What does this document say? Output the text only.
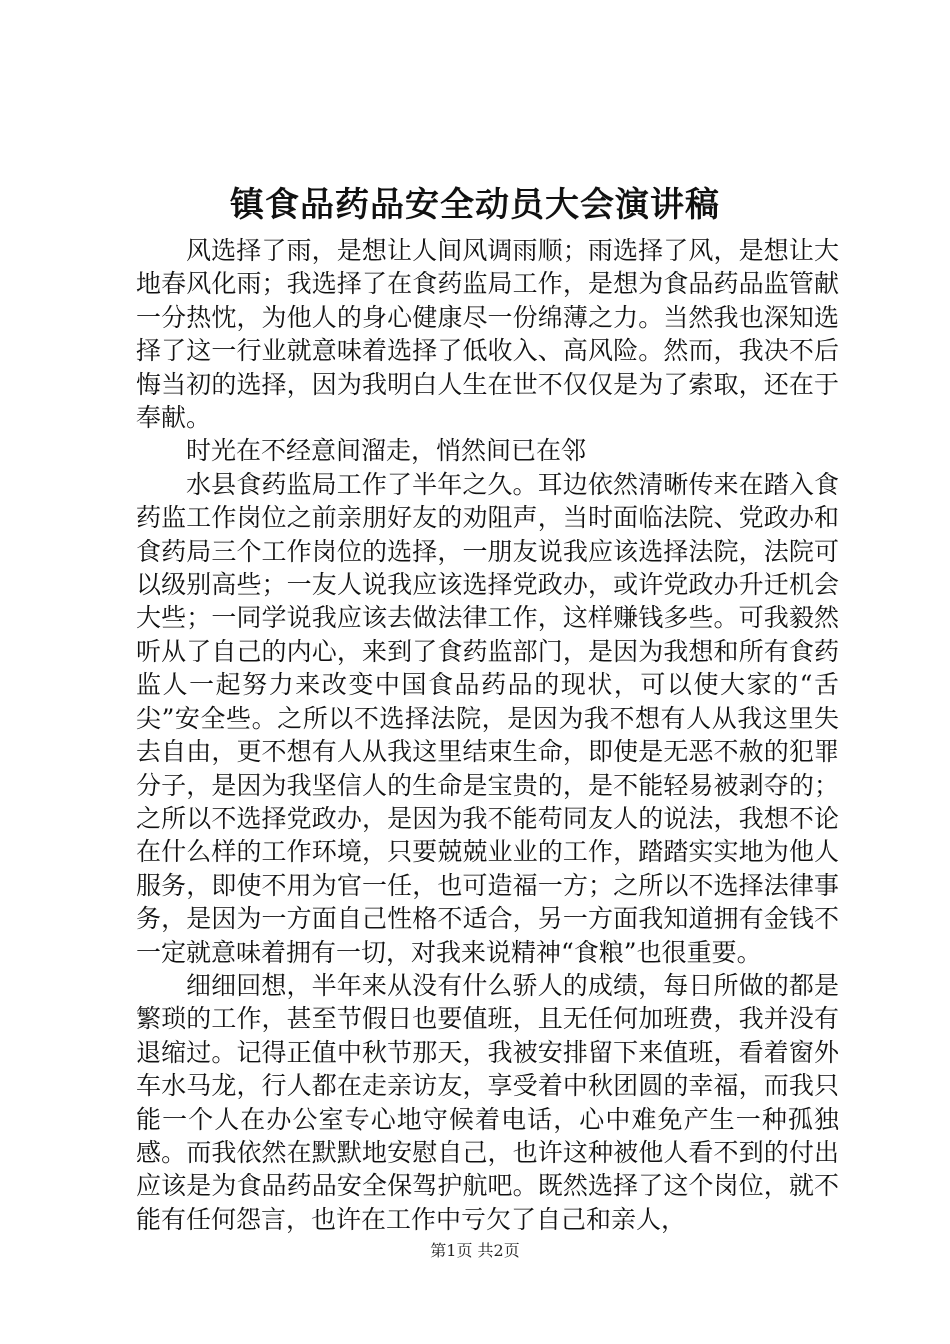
镇食品药品安全动员大会演讲稿

风选择了雨，是想让人间风调雨顺；雨选择了风，是想让大地春风化雨；我选择了在食药监局工作，是想为食品药品监管献一分热忱，为他人的身心健康尽一份绵薄之力。当然我也深知选择了这一行业就意味着选择了低收入、高风险。然而，我决不后悔当初的选择，因为我明白人生在世不仅仅是为了索取，还在于奉献。

时光在不经意间溜走，悄然间已在邻

水县食药监局工作了半年之久。耳边依然清晰传来在踏入食药监工作岗位之前亲朋好友的劝阻声，当时面临法院、党政办和食药局三个工作岗位的选择，一朋友说我应该选择法院，法院可以级别高些；一友人说我应该选择党政办，或许党政办升迁机会大些；一同学说我应该去做法律工作，这样赚钱多些。可我毅然听从了自己的内心，来到了食药监部门，是因为我想和所有食药监人一起努力来改变中国食品药品的现状，可以使大家的“舌尖”安全些。之所以不选择法院，是因为我不想有人从我这里失去自由，更不想有人从我这里结束生命，即使是无恶不赦的犯罪分子，是因为我坚信人的生命是宝贵的，是不能轻易被剥夺的；之所以不选择党政办，是因为我不能苟同友人的说法，我想不论在什么样的工作环境，只要兢兢业业的工作，踏踏实实地为他人服务，即使不用为官一任，也可造福一方；之所以不选择法律事务，是因为一方面自己性格不适合，另一方面我知道拥有金钱不一定就意味着拥有一切，对我来说精神“食粮”也很重要。

细细回想，半年来从没有什么骄人的成绩，每日所做的都是繁琐的工作，甚至节假日也要值班，且无任何加班费，我并没有退缩过。记得正值中秋节那天，我被安排留下来值班，看着窗外车水马龙，行人都在走亲访友，享受着中秋团圆的幸福，而我只能一个人在办公室专心地守候着电话，心中难免产生一种孤独感。而我依然在默默地安慰自己，也许这种被他人看不到的付出应该是为食品药品安全保驾护航吧。既然选择了这个岗位，就不能有任何怨言，也许在工作中亏欠了自己和亲人，

第1页 共2页
